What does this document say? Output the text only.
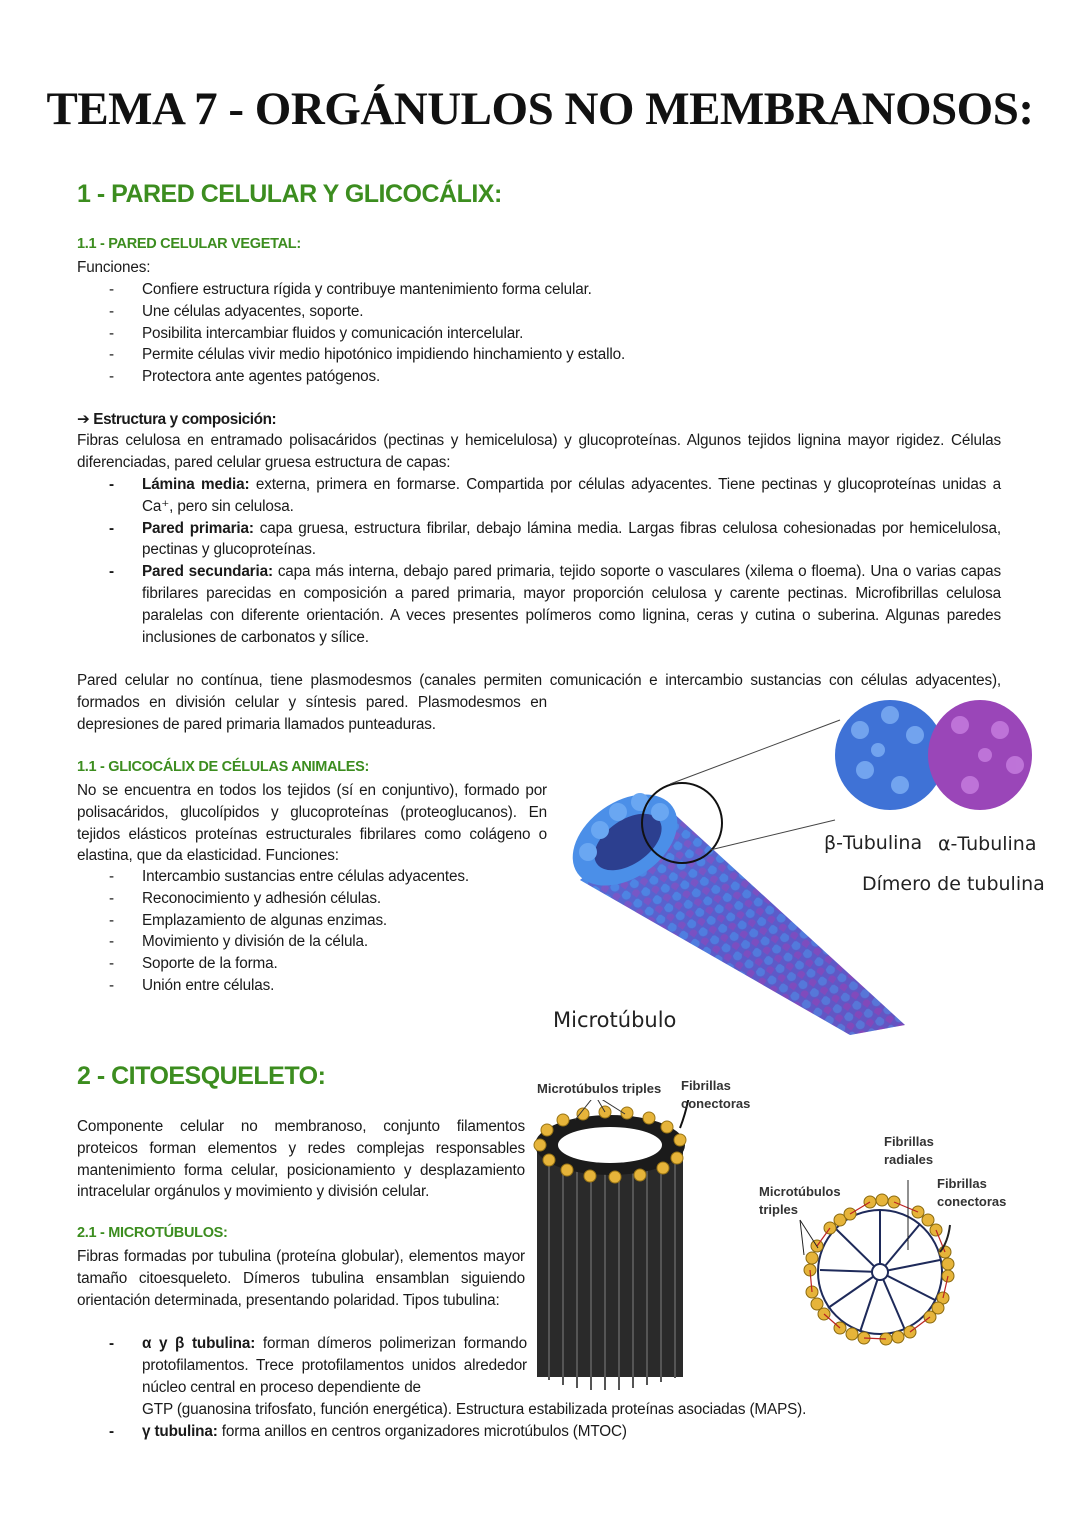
TEMA 7 - ORGÁNULOS NO MEMBRANOSOS:
1 - PARED CELULAR Y GLICOCÁLIX:
1.1 - PARED CELULAR VEGETAL:
Funciones:
- Confiere estructura rígida y contribuye mantenimiento forma celular.
- Une células adyacentes, soporte.
- Posibilita intercambiar fluidos y comunicación intercelular.
- Permite células vivir medio hipotónico impidiendo hinchamiento y estallo.
- Protectora ante agentes patógenos.
➔ Estructura y composición:
Fibras celulosa en entramado polisacáridos (pectinas y hemicelulosa) y glucoproteínas. Algunos tejidos lignina mayor rigidez. Células diferenciadas, pared celular gruesa estructura de capas:
- Lámina media: externa, primera en formarse. Compartida por células adyacentes. Tiene pectinas y glucoproteínas unidas a Ca⁺, pero sin celulosa.
- Pared primaria: capa gruesa, estructura fibrilar, debajo lámina media. Largas fibras celulosa cohesionadas por hemicelulosa, pectinas y glucoproteínas.
- Pared secundaria: capa más interna, debajo pared primaria, tejido soporte o vasculares (xilema o floema). Una o varias capas fibrilares parecidas en composición a pared primaria, mayor proporción celulosa y carente pectinas. Microfibrillas celulosa paralelas con diferente orientación. A veces presentes polímeros como lignina, ceras y cutina o suberina. Algunas paredes inclusiones de carbonatos y sílice.
Pared celular no contínua, tiene plasmodesmos (canales permiten comunicación e intercambio sustancias con células adyacentes),
formados en división celular y síntesis pared. Plasmodesmos en
depresiones de pared primaria llamados punteaduras.
1.1 - GLICOCÁLIX DE CÉLULAS ANIMALES:
No se encuentra en todos los tejidos (sí en conjuntivo), formado por polisacáridos, glucolípidos y glucoproteínas (proteoglucanos). En tejidos elásticos proteínas estructurales fibrilares como colágeno o elastina, que da elasticidad. Funciones:
- Intercambio sustancias entre células adyacentes.
- Reconocimiento y adhesión células.
- Emplazamiento de algunas enzimas.
- Movimiento y división de la célula.
- Soporte de la forma.
- Unión entre células.
β-Tubulina α-Tubulina
Dímero de tubulina
Microtúbulo
2 - CITOESQUELETO:
Componente celular no membranoso, conjunto filamentos proteicos forman elementos y redes complejas responsables mantenimiento forma celular, posicionamiento y desplazamiento intracelular orgánulos y movimiento y división celular.
2.1 - MICROTÚBULOS:
Fibras formadas por tubulina (proteína globular), elementos mayor tamaño citoesqueleto. Dímeros tubulina ensamblan siguiendo orientación determinada, presentando polaridad. Tipos tubulina:
- α y β tubulina: forman dímeros polimerizan formando protofilamentos. Trece protofilamentos unidos alrededor núcleo central en proceso dependiente de
GTP (guanosina trifosfato, función energética). Estructura estabilizada proteínas asociadas (MAPS).
- γ tubulina: forma anillos en centros organizadores microtúbulos (MTOC)
Microtúbulos triples Fibrillas
conectoras
Fibrillas
radiales
Microtúbulos
triples
Fibrillas
conectoras
